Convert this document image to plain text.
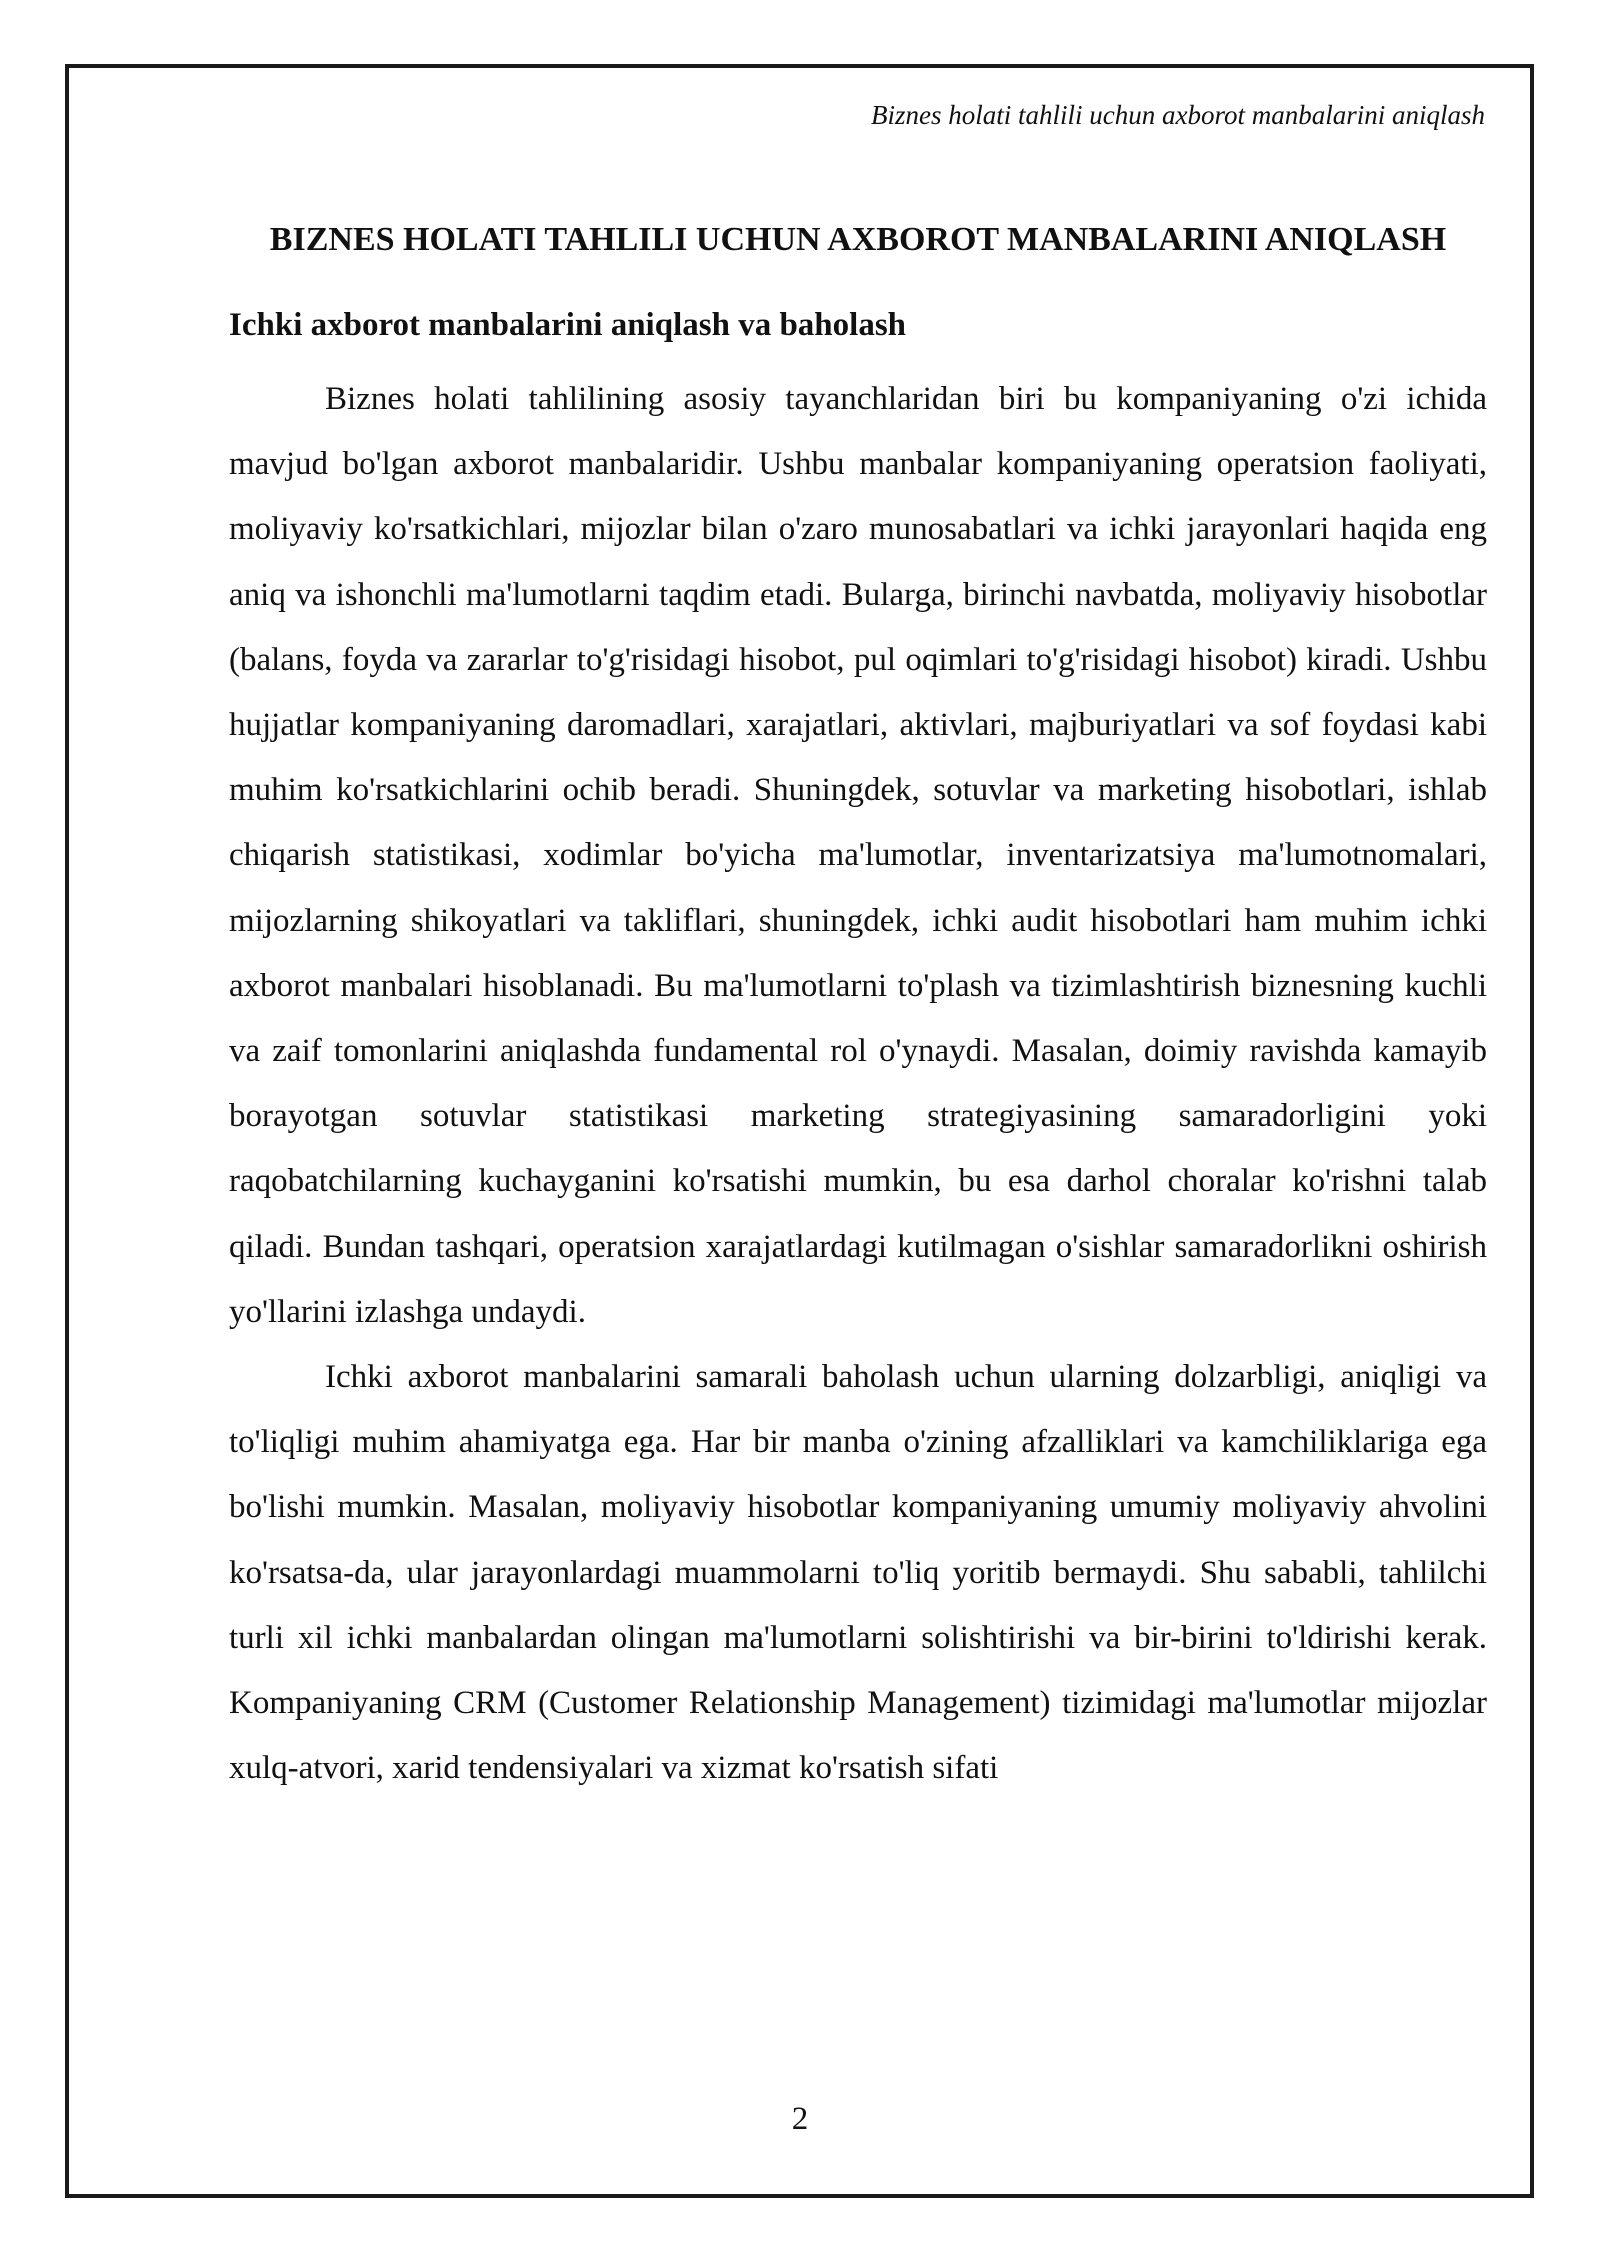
Biznes holati tahlili uchun axborot manbalarini aniqlash
BIZNES HOLATI TAHLILI UCHUN AXBOROT MANBALARINI ANIQLASH
Ichki axborot manbalarini aniqlash va baholash

Biznes holati tahlilining asosiy tayanchlaridan biri bu kompaniyaning o'zi ichida mavjud bo'lgan axborot manbalaridir. Ushbu manbalar kompaniyaning operatsion faoliyati, moliyaviy ko'rsatkichlari, mijozlar bilan o'zaro munosabatlari va ichki jarayonlari haqida eng aniq va ishonchli ma'lumotlarni taqdim etadi. Bularga, birinchi navbatda, moliyaviy hisobotlar (balans, foyda va zararlar to'g'risidagi hisobot, pul oqimlari to'g'risidagi hisobot) kiradi. Ushbu hujjatlar kompaniyaning daromadlari, xarajatlari, aktivlari, majburiyatlari va sof foydasi kabi muhim ko'rsatkichlarini ochib beradi. Shuningdek, sotuvlar va marketing hisobotlari, ishlab chiqarish statistikasi, xodimlar bo'yicha ma'lumotlar, inventarizatsiya ma'lumotnomalari, mijozlarning shikoyatlari va takliflari, shuningdek, ichki audit hisobotlari ham muhim ichki axborot manbalari hisoblanadi. Bu ma'lumotlarni to'plash va tizimlashtirish biznesning kuchli va zaif tomonlarini aniqlashda fundamental rol o'ynaydi. Masalan, doimiy ravishda kamayib borayotgan sotuvlar statistikasi marketing strategiyasining samaradorligini yoki raqobatchilarning kuchayganini ko'rsatishi mumkin, bu esa darhol choralar ko'rishni talab qiladi. Bundan tashqari, operatsion xarajatlardagi kutilmagan o'sishlar samaradorlikni oshirish yo'llarini izlashga undaydi.

Ichki axborot manbalarini samarali baholash uchun ularning dolzarbligi, aniqligi va to'liqligi muhim ahamiyatga ega. Har bir manba o'zining afzalliklari va kamchiliklariga ega bo'lishi mumkin. Masalan, moliyaviy hisobotlar kompaniyaning umumiy moliyaviy ahvolini ko'rsatsa-da, ular jarayonlardagi muammolarni to'liq yoritib bermaydi. Shu sababli, tahlilchi turli xil ichki manbalardan olingan ma'lumotlarni solishtirishi va bir-birini to'ldirishi kerak. Kompaniyaning CRM (Customer Relationship Management) tizimidagi ma'lumotlar mijozlar xulq-atvori, xarid tendensiyalari va xizmat ko'rsatish sifati

2
